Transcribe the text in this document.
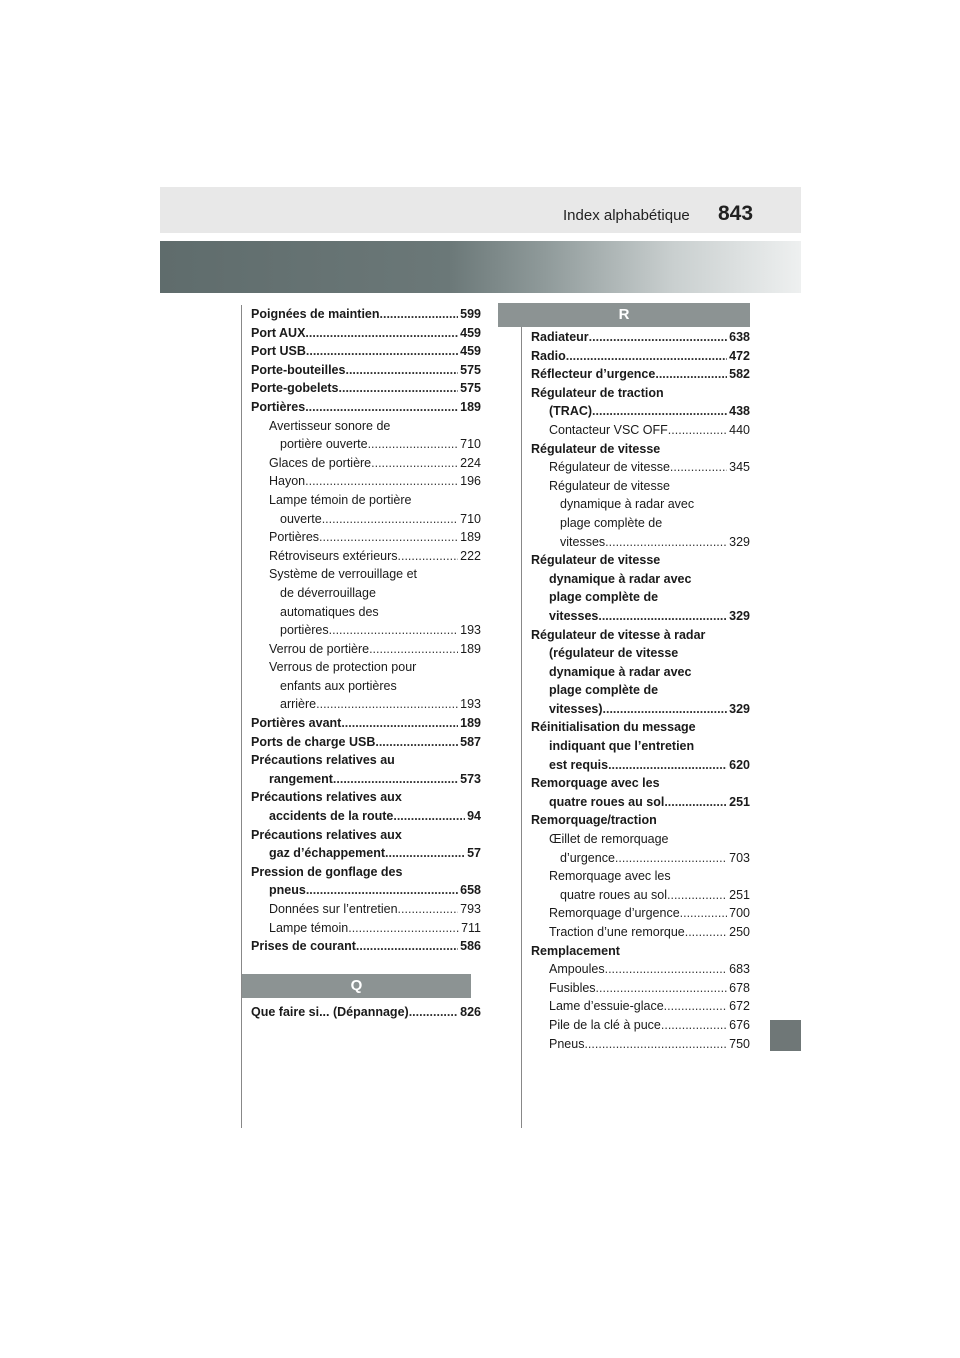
Index alphabétique 843
Poignées de maintien .....	599
Port AUX .....	459
Port USB .....	459
Porte-bouteilles .....	575
Porte-gobelets .....	575
Portières .....	189
Avertisseur sonore de
portière ouverte .....	710
Glaces de portière .....	224
Hayon .....	196
Lampe témoin de portière
ouverte .....	710
Portières .....	189
Rétroviseurs extérieurs .....	222
Système de verrouillage et
de déverrouillage
automatiques des
portières .....	193
Verrou de portière .....	189
Verrous de protection pour
enfants aux portières
arrière .....	193
Portières avant .....	189
Ports de charge USB .....	587
Précautions relatives au
rangement .....	573
Précautions relatives aux
accidents de la route .....	94
Précautions relatives aux
gaz d’échappement .....	57
Pression de gonflage des
pneus .....	658
Données sur l’entretien .....	793
Lampe témoin .....	711
Prises de courant .....	586
Q
Que faire si... (Dépannage) .....	826
R
Radiateur .....	638
Radio .....	472
Réflecteur d’urgence .....	582
Régulateur de traction
(TRAC) .....	438
Contacteur VSC OFF .....	440
Régulateur de vitesse
Régulateur de vitesse .....	345
Régulateur de vitesse
dynamique à radar avec
plage complète de
vitesses .....	329
Régulateur de vitesse
dynamique à radar avec
plage complète de
vitesses .....	329
Régulateur de vitesse à radar
(régulateur de vitesse
dynamique à radar avec
plage complète de
vitesses) .....	329
Réinitialisation du message
indiquant que l’entretien
est requis .....	620
Remorquage avec les
quatre roues au sol .....	251
Remorquage/traction
Œillet de remorquage
d’urgence .....	703
Remorquage avec les
quatre roues au sol .....	251
Remorquage d’urgence .....	700
Traction d’une remorque .....	250
Remplacement
Ampoules .....	683
Fusibles .....	678
Lame d’essuie-glace .....	672
Pile de la clé à puce .....	676
Pneus .....	750
